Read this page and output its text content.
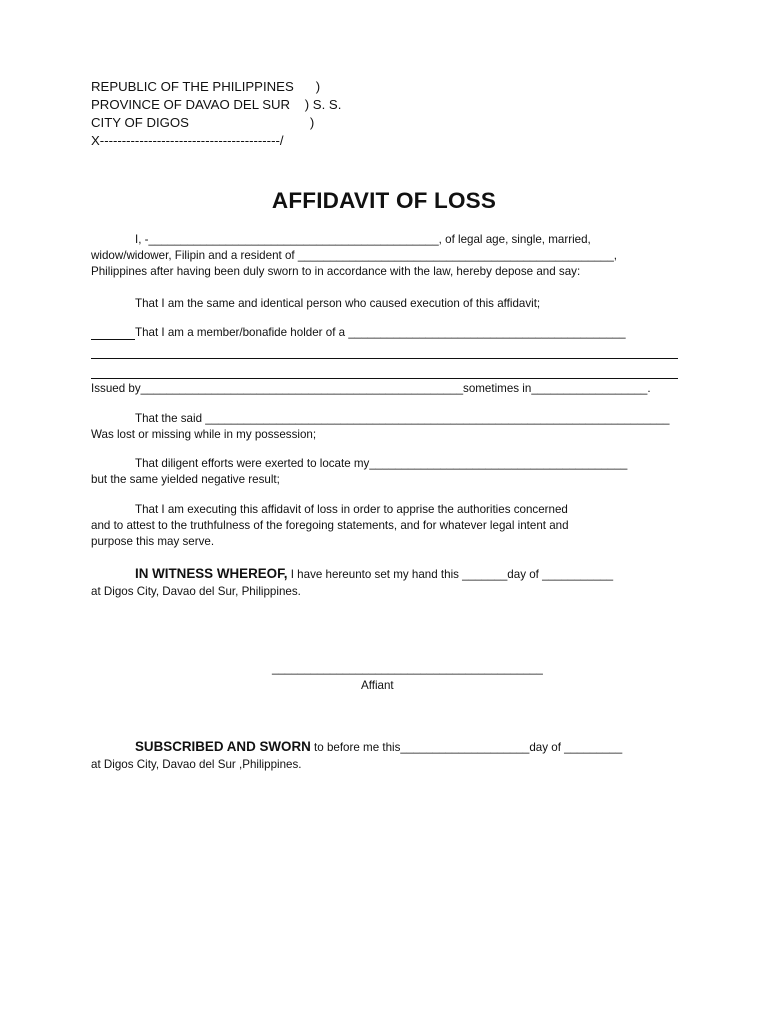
REPUBLIC OF THE PHILIPPINES      )
PROVINCE OF DAVAO DEL SUR    ) S. S.
CITY OF DIGOS                                 )
X-----------------------------------------/
AFFIDAVIT OF LOSS
I, -_____________________________________________, of legal age, single, married,
widow/widower, Filipin and a resident of _________________________________________________,
Philippines after having been duly sworn to in accordance with the law, hereby depose and say:
That I am the same and identical person who caused execution of this affidavit;
That I am a member/bonafide holder of a ___________________________________________
Issued by__________________________________________________sometimes in__________________.
That the said ________________________________________________________________________
Was lost or missing while in my possession;
That diligent efforts were exerted to locate my________________________________________
but the same yielded negative result;
That I am executing this affidavit of loss in order to apprise the authorities concerned
and to attest to the truthfulness of the foregoing statements, and for whatever legal intent and
purpose this may serve.
IN WITNESS WHEREOF, I have hereunto set my hand this _______day of ___________
at Digos City, Davao del Sur, Philippines.
__________________________________________
Affiant
SUBSCRIBED AND SWORN to before me this____________________day of _________
at Digos City, Davao del Sur ,Philippines.
